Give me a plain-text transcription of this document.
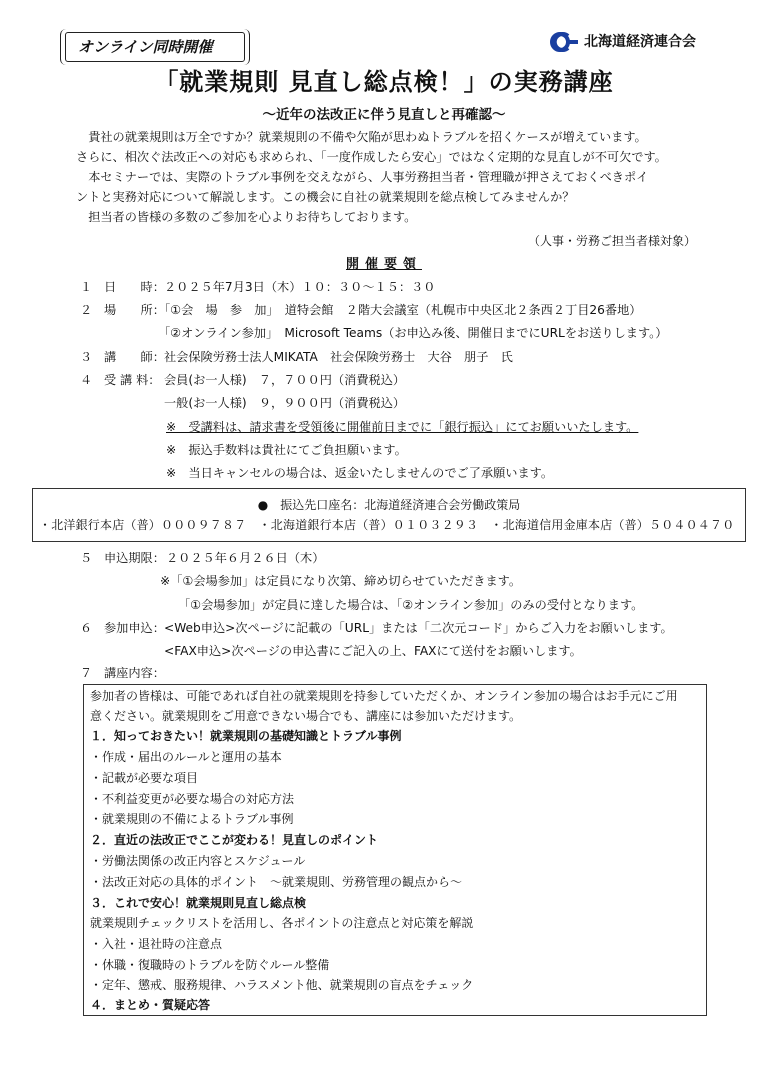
オンライン同時開催	北海道経済連合会
「就業規則 見直し総点検！」の実務講座
～近年の法改正に伴う見直しと再確認～

貴社の就業規則は万全ですか？就業規則の不備や欠陥が思わぬトラブルを招くケースが増えています。

さらに、相次ぐ法改正への対応も求められ、「一度作成したら安心」ではなく定期的な見直しが不可欠です。

本セミナーでは、実際のトラブル事例を交えながら、人事労務担当者・管理職が押さえておくべきポイ

ントと実務対応について解説します。この機会に自社の就業規則を総点検してみませんか？

担当者の皆様の多数のご参加を心よりお待ちしております。

（人事・労務ご担当者様対象）
開催要領
１ 日　　時： ２０２５年7月3日（木）１０：３０～１５：３０
２ 場　　所：
「①会　場　参　加」　道特会館　２階大会議室（札幌市中央区北２条西２丁目26番地）
「②オンライン参加」　Microsoft Teams（お申込み後、開催日までにURLをお送りします。）
３ 講　　師： 社会保険労務士法人MIKATA　社会保険労務士　大谷　朋子　氏
４ 受 講 料： 会員(お一人様)　７，７００円（消費税込）
一般(お一人様)　９，９００円（消費税込）
※　受講料は、請求書を受領後に開催前日までに「銀行振込」にてお願いいたします。
※　振込手数料は貴社にてご負担願います。
※　当日キャンセルの場合は、返金いたしませんのでご了承願います。
●　振込先口座名：北海道経済連合会労働政策局
・北洋銀行本店（普）０００９７８７　・北海道銀行本店（普）０１０３２９３　・北海道信用金庫本店（普）５０４０４７０
５ 申込期限： ２０２５年６月２６日（木）
※「①会場参加」は定員になり次第、締め切らせていただきます。
「①会場参加」が定員に達した場合は、「②オンライン参加」のみの受付となります。
６ 参加申込： <Web申込>次ページに記載の「URL」または「二次元コード」からご入力をお願いします。
<FAX申込>次ページの申込書にご記入の上、FAXにて送付をお願いします。
７ 講座内容：
参加者の皆様は、可能であれば自社の就業規則を持参していただくか、オンライン参加の場合はお手元にご用
意ください。就業規則をご用意できない場合でも、講座には参加いただけます。
１．知っておきたい！就業規則の基礎知識とトラブル事例
・作成・届出のルールと運用の基本
・記載が必要な項目
・不利益変更が必要な場合の対応方法
・就業規則の不備によるトラブル事例
２．直近の法改正でここが変わる！見直しのポイント
・労働法関係の改正内容とスケジュール
・法改正対応の具体的ポイント　～就業規則、労務管理の観点から～
３．これで安心！就業規則見直し総点検
就業規則チェックリストを活用し、各ポイントの注意点と対応策を解説
・入社・退社時の注意点
・休職・復職時のトラブルを防ぐルール整備
・定年、懲戒、服務規律、ハラスメント他、就業規則の盲点をチェック
４．まとめ・質疑応答
